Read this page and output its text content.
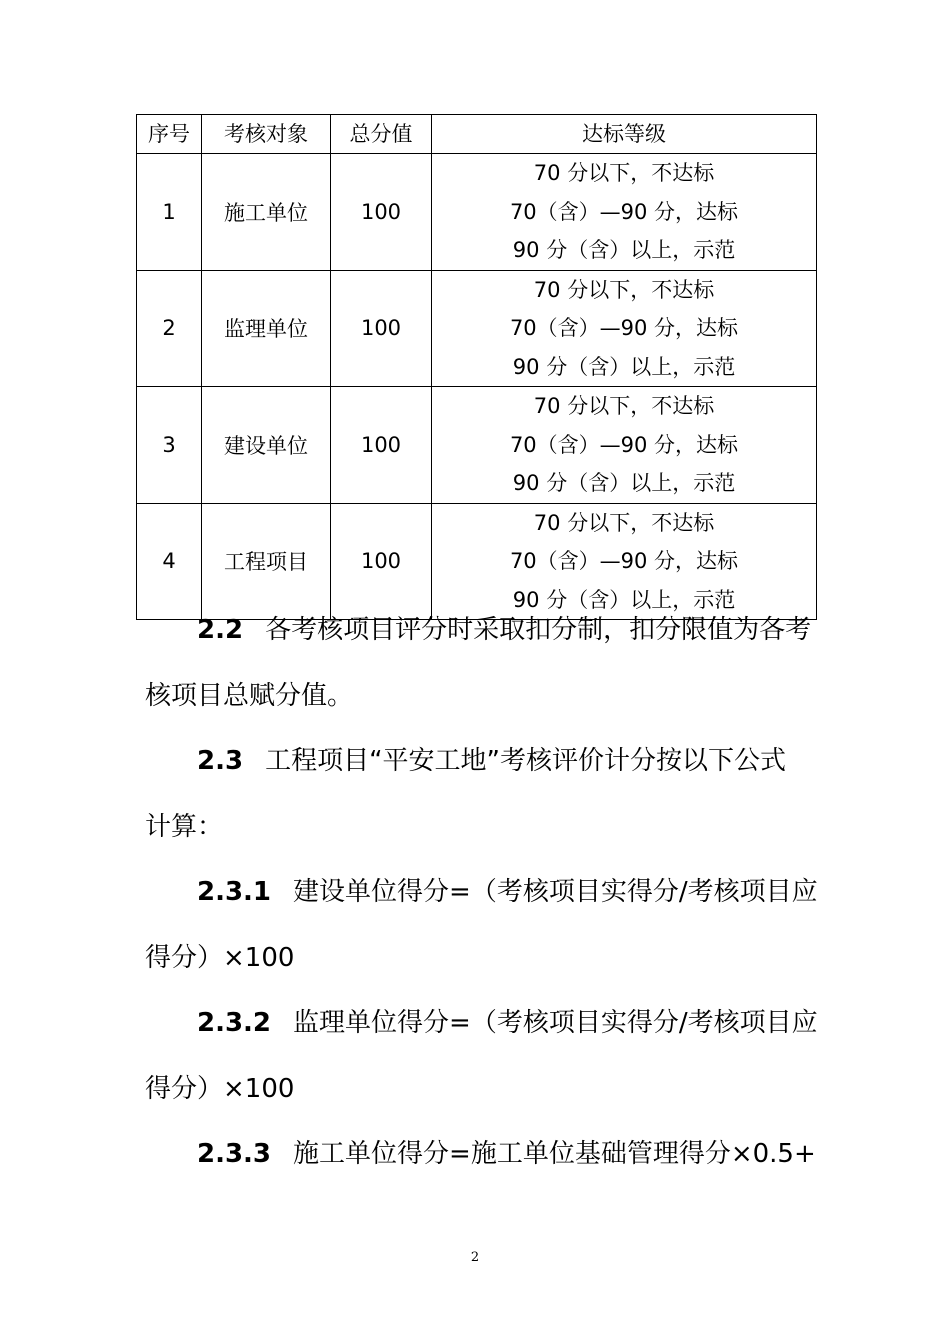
序号	考核对象	总分值	达标等级
1	施工单位	100	70 分以下，不达标
70（含）—90 分，达标
90 分（含）以上，示范

2	监理单位	100	70 分以下，不达标
70（含）—90 分，达标
90 分（含）以上，示范

3	建设单位	100	70 分以下，不达标
70（含）—90 分，达标
90 分（含）以上，示范

4	工程项目	100	70 分以下，不达标
70（含）—90 分，达标
90 分（含）以上，示范
2.2 各考核项目评分时采取扣分制，扣分限值为各考
核项目总赋分值。
2.3 工程项目“平安工地”考核评价计分按以下公式
计算：
2.3.1 建设单位得分=（考核项目实得分/考核项目应
得分）×100
2.3.2 监理单位得分=（考核项目实得分/考核项目应
得分）×100
2.3.3 施工单位得分=施工单位基础管理得分×0.5+
2
